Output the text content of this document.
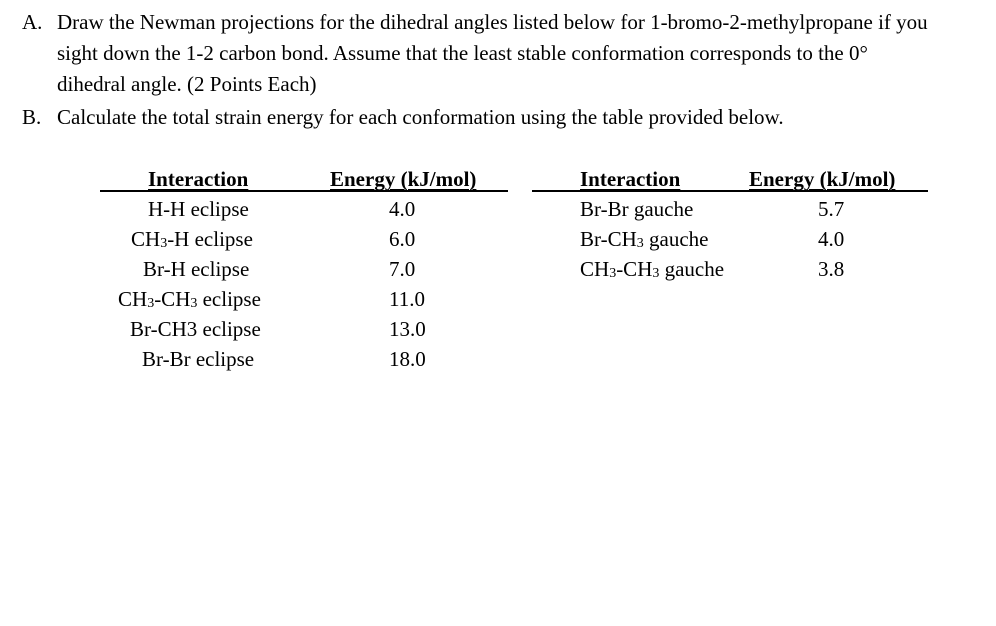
A. Draw the Newman projections for the dihedral angles listed below for 1-bromo-2-methylpropane if you sight down the 1-2 carbon bond. Assume that the least stable conformation corresponds to the 0° dihedral angle. (2 Points Each)
B. Calculate the total strain energy for each conformation using the table provided below.
Interaction	Energy (kJ/mol)
H-H eclipse	4.0
$CH_3-H$ eclipse	6.0
Br-H eclipse	7.0
$CH_3-CH_3$ eclipse	11.0
Br-CH3 eclipse	13.0
Br-Br eclipse	18.0
Interaction	Energy (kJ/mol)
Br-Br gauche	5.7
$Br-CH_3$ gauche	4.0
$CH_3-CH_3$ gauche	3.8
